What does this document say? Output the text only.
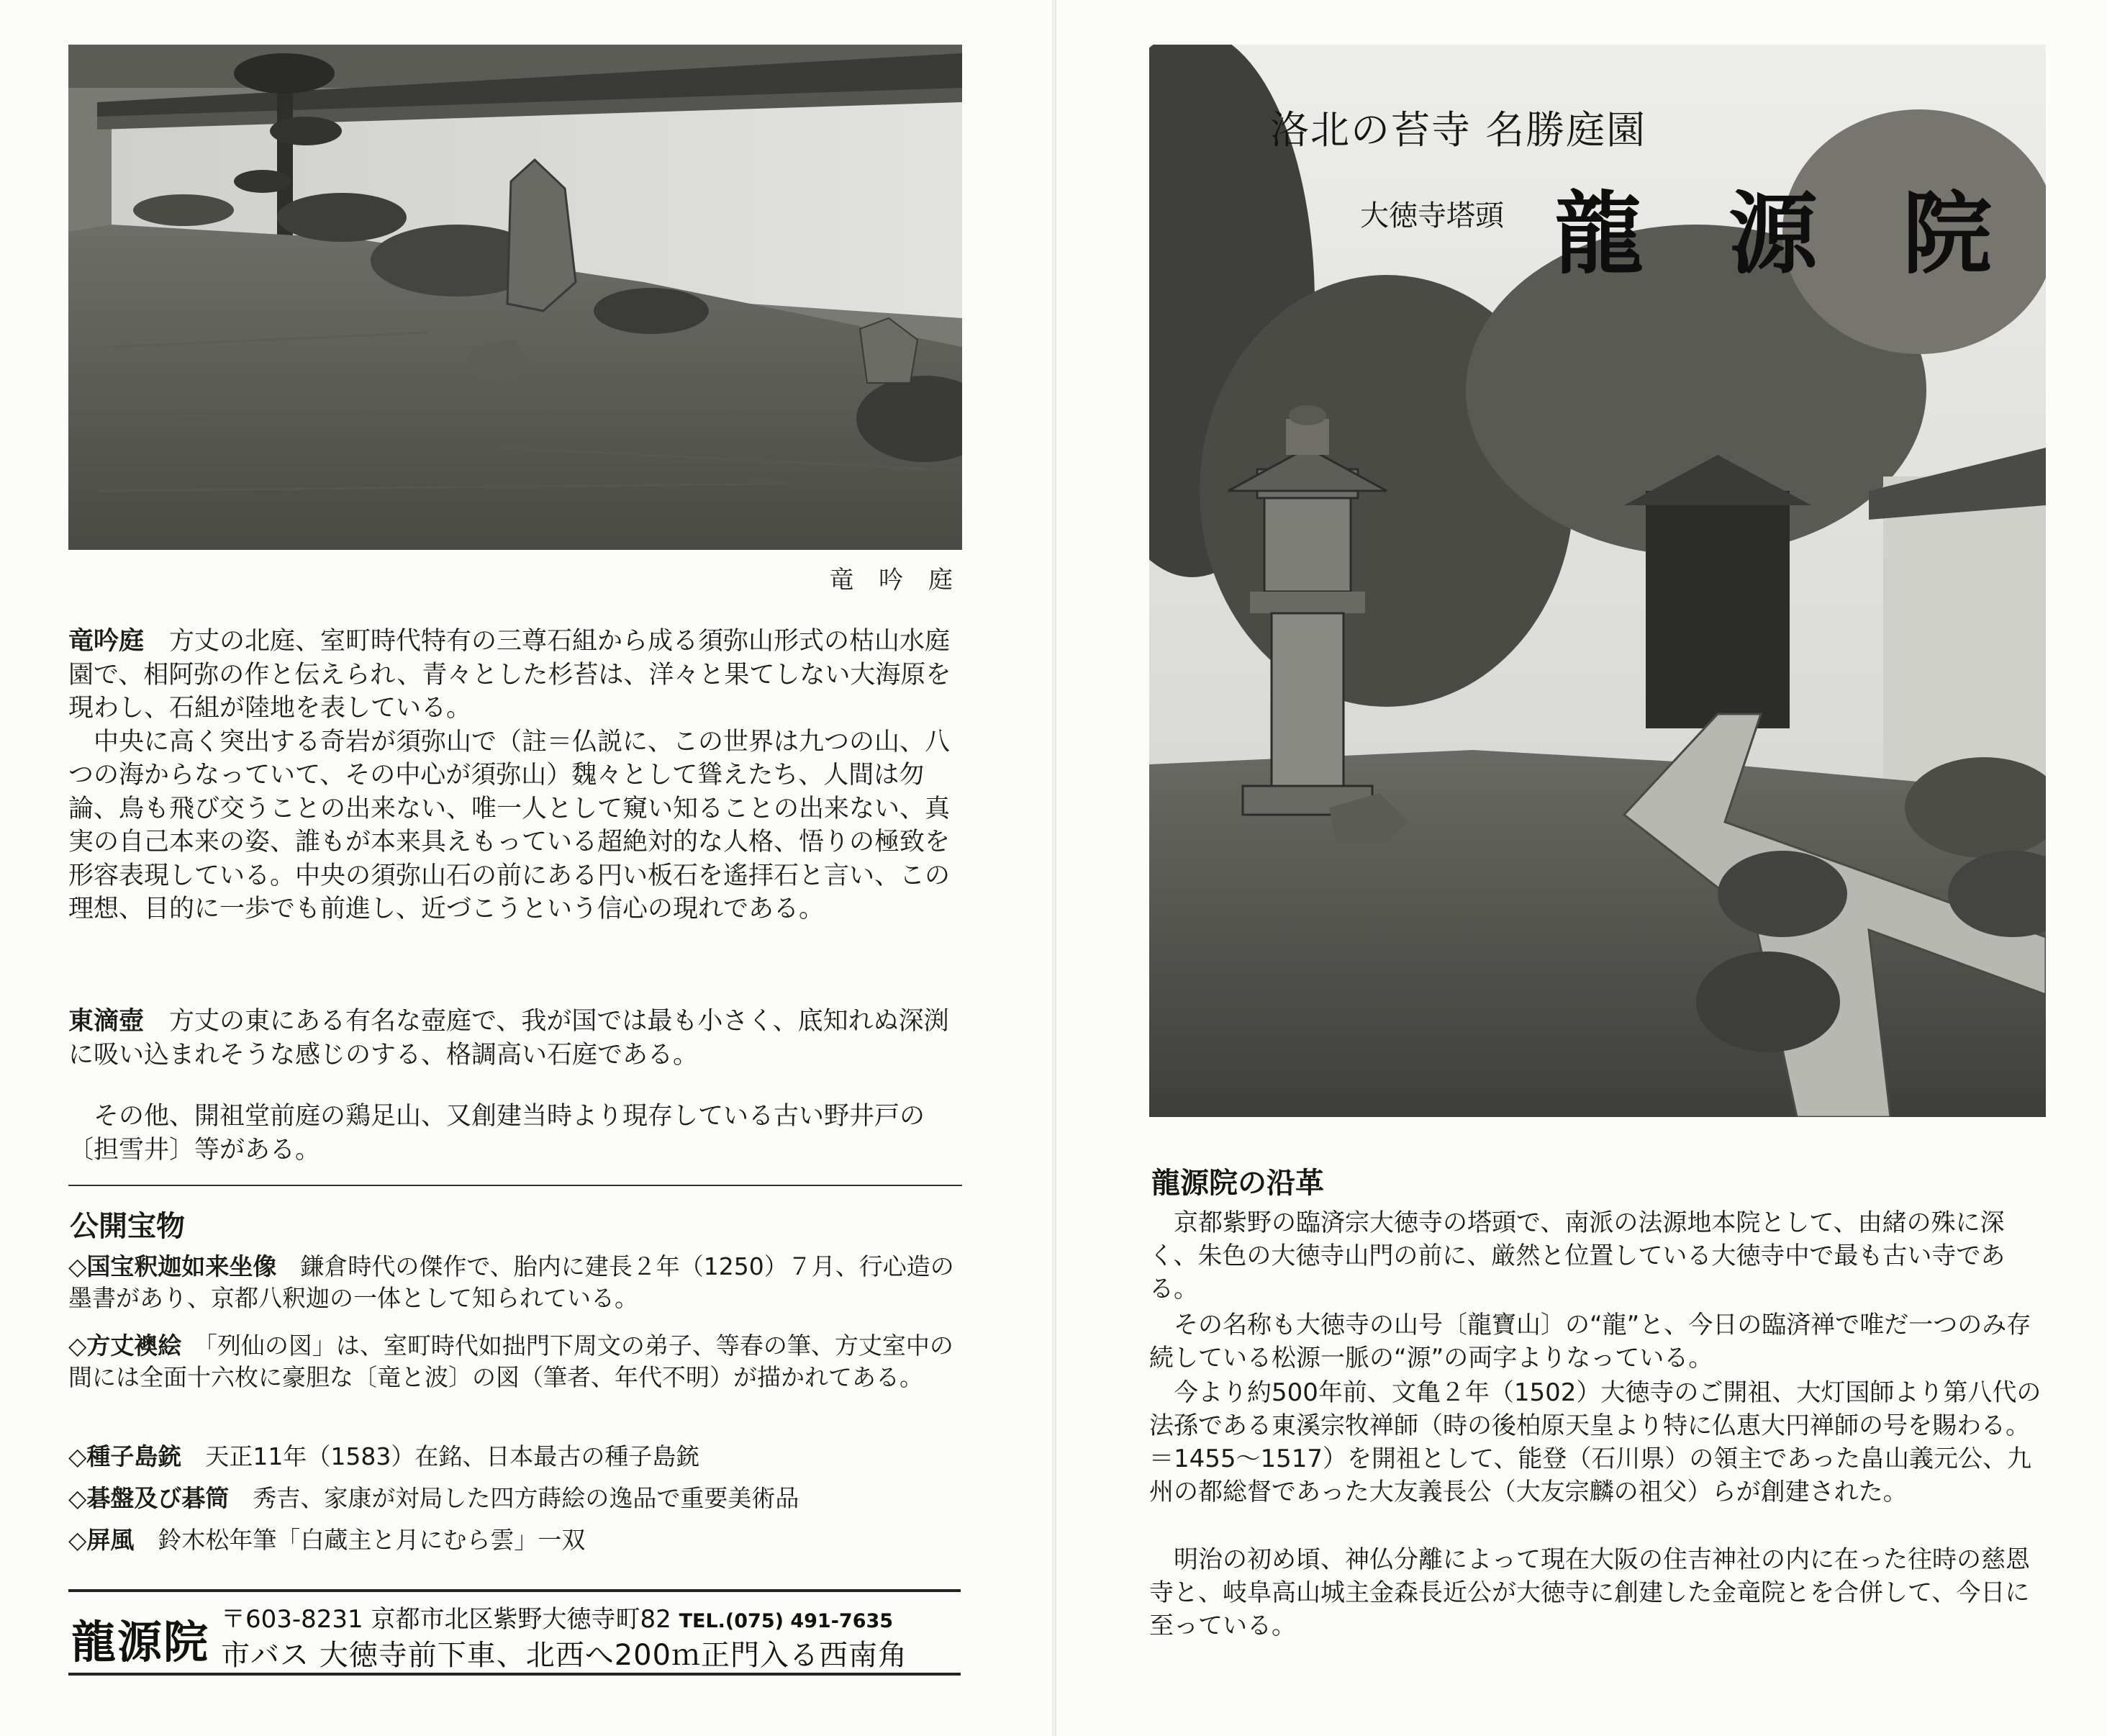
竜 吟 庭

竜吟庭　 方丈の北庭、室町時代特有の三尊石組から成る須弥山形式の枯山水庭園で、相阿弥の作と伝えられ、青々とした杉苔は、洋々と果てしない大海原を現わし、石組が陸地を表している。
中央に高く突出する奇岩が須弥山で（註＝仏説に、この世界は九つの山、八つの海からなっていて、その中心が須弥山）魏々として聳えたち、人間は勿論、鳥も飛び交うことの出来ない、唯一人として窺い知ることの出来ない、真実の自己本来の姿、誰もが本来具えもっている超絶対的な人格、悟りの極致を形容表現している。中央の須弥山石の前にある円い板石を遙拝石と言い、この理想、目的に一歩でも前進し、近づこうという信心の現れである。

東滴壺　 方丈の東にある有名な壺庭で、我が国では最も小さく、底知れぬ深渕に吸い込まれそうな感じのする、格調高い石庭である。

その他、開祖堂前庭の鶏足山、又創建当時より現存している古い野井戸の〔担雪井〕等がある。

公開宝物
◇国宝釈迦如来坐像　 鎌倉時代の傑作で、胎内に建長２年（1250）７月、行心造の墨書があり、京都八釈迦の一体として知られている。
◇方丈襖絵　 「列仙の図」は、室町時代如拙門下周文の弟子、等春の筆、方丈室中の間には全面十六枚に豪胆な〔竜と波〕の図（筆者、年代不明）が描かれてある。
◇種子島銃　 天正11年（1583）在銘、日本最古の種子島銃
◇碁盤及び碁筒　 秀吉、家康が対局した四方蒔絵の逸品で重要美術品
◇屏風　 鈴木松年筆「白蔵主と月にむら雲」一双
龍源院 〒603-8231 京都市北区紫野大徳寺町82 TEL.(075) 491-7635
市バス 大徳寺前下車、北西へ200ｍ正門入る西南角
洛北の苔寺 名勝庭園
大徳寺塔頭 龍源院
龍源院の沿革

京都紫野の臨済宗大徳寺の塔頭で、南派の法源地本院として、由緒の殊に深く、朱色の大徳寺山門の前に、厳然と位置している大徳寺中で最も古い寺である。

その名称も大徳寺の山号〔龍寶山〕の“龍”と、今日の臨済禅で唯だ一つのみ存続している松源一脈の“源”の両字よりなっている。

今より約500年前、文亀２年（1502）大徳寺のご開祖、大灯国師より第八代の法孫である東溪宗牧禅師（時の後柏原天皇より特に仏恵大円禅師の号を賜わる。＝1455〜1517）を開祖として、能登（石川県）の領主であった畠山義元公、九州の都総督であった大友義長公（大友宗麟の祖父）らが創建された。

明治の初め頃、神仏分離によって現在大阪の住吉神社の内に在った往時の慈恩寺と、岐阜高山城主金森長近公が大徳寺に創建した金竜院とを合併して、今日に至っている。
